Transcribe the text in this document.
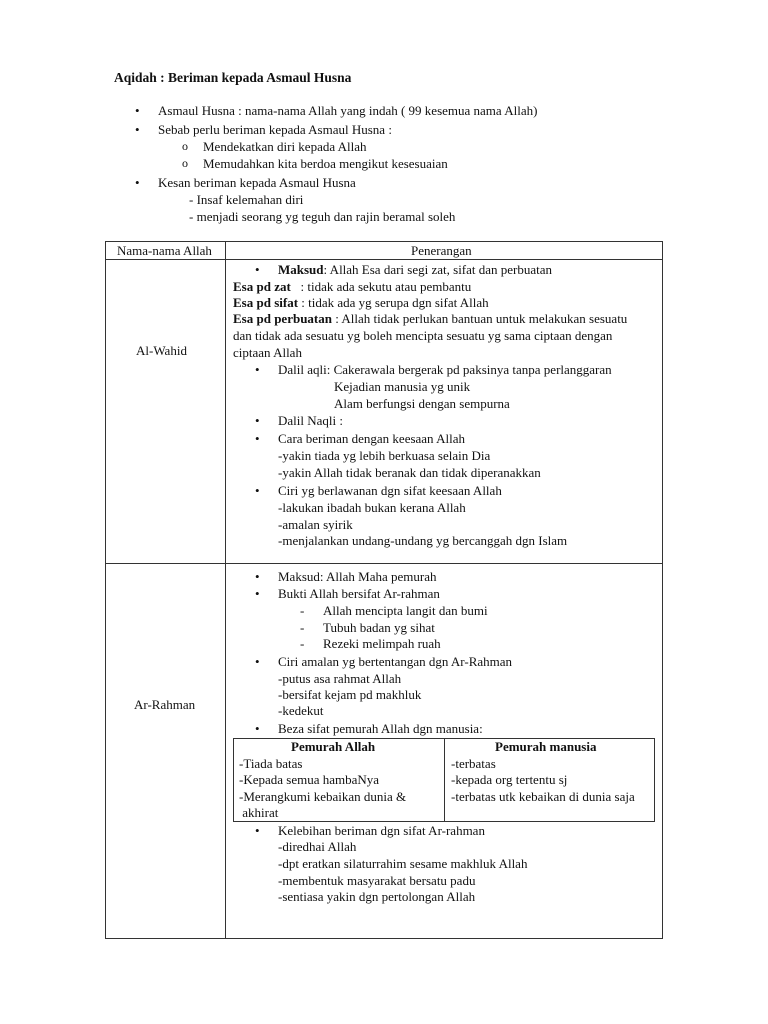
Aqidah : Beriman kepada Asmaul Husna
• Asmaul Husna : nama-nama Allah yang indah ( 99 kesemua nama Allah)
• Sebab perlu beriman kepada Asmaul Husna :
o Mendekatkan diri kepada Allah
o Memudahkan kita berdoa mengikut kesesuaian
• Kesan beriman kepada Asmaul Husna
- Insaf kelemahan diri
- menjadi seorang yg teguh dan rajin beramal soleh
Nama-nama Allah	Penerangan
Al-Wahid
• Maksud: Allah Esa dari segi zat, sifat dan perbuatan
Esa pd zat   : tidak ada sekutu atau pembantu
Esa pd sifat : tidak ada yg serupa dgn sifat Allah
Esa pd perbuatan : Allah tidak perlukan bantuan untuk melakukan sesuatu
dan tidak ada sesuatu yg boleh mencipta sesuatu yg sama ciptaan dengan
ciptaan Allah
• Dalil aqli: Cakerawala bergerak pd paksinya tanpa perlanggaran
Kejadian manusia yg unik
Alam berfungsi dengan sempurna
• Dalil Naqli :
• Cara beriman dengan keesaan Allah
-yakin tiada yg lebih berkuasa selain Dia
-yakin Allah tidak beranak dan tidak diperanakkan
• Ciri yg berlawanan dgn sifat keesaan Allah
-lakukan ibadah bukan kerana Allah
-amalan syirik
-menjalankan undang-undang yg bercanggah dgn Islam
Ar-Rahman
• Maksud: Allah Maha pemurah
• Bukti Allah bersifat Ar-rahman
- Allah mencipta langit dan bumi
- Tubuh badan yg sihat
- Rezeki melimpah ruah
• Ciri amalan yg bertentangan dgn Ar-Rahman
-putus asa rahmat Allah
-bersifat kejam pd makhluk
-kedekut
• Beza sifat pemurah Allah dgn manusia:
Pemurah Allah	Pemurah manusia
-Tiada batas
-Kepada semua hambaNya
-Merangkumi kebaikan dunia &
akhirat
-terbatas
-kepada org tertentu sj
-terbatas utk kebaikan di dunia saja
• Kelebihan beriman dgn sifat Ar-rahman
-diredhai Allah
-dpt eratkan silaturrahim sesame makhluk Allah
-membentuk masyarakat bersatu padu
-sentiasa yakin dgn pertolongan Allah
